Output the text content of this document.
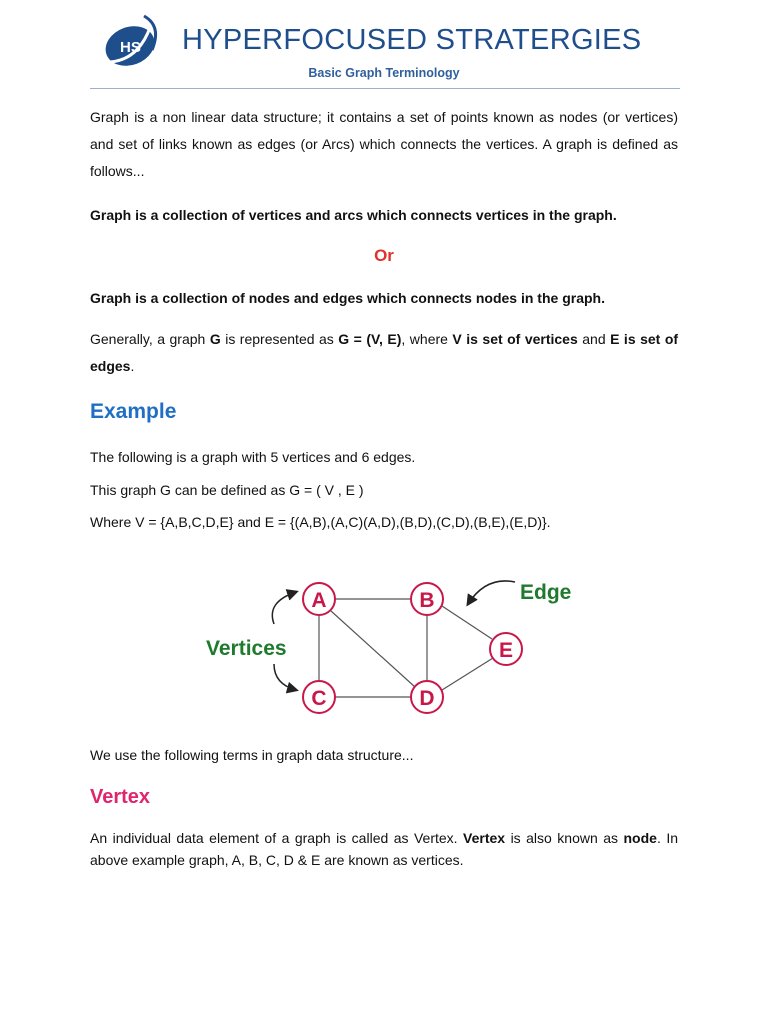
HS HYPERFOCUSED STRATERGIES
Basic Graph Terminology
Graph is a non linear data structure; it contains a set of points known as nodes (or vertices) and set of links known as edges (or Arcs) which connects the vertices. A graph is defined as follows...
Graph is a collection of vertices and arcs which connects vertices in the graph.
Or
Graph is a collection of nodes and edges which connects nodes in the graph.
Generally, a graph G is represented as G = (V, E), where V is set of vertices and E is set of edges.
Example
The following is a graph with 5 vertices and 6 edges.
This graph G can be defined as G = ( V , E )
Where V = {A,B,C,D,E} and E = {(A,B),(A,C)(A,D),(B,D),(C,D),(B,E),(E,D)}.
A	B
C	D
E
Vertices
Edge
We use the following terms in graph data structure...
Vertex
An individual data element of a graph is called as Vertex. Vertex is also known as node. In above example graph, A, B, C, D & E are known as vertices.
